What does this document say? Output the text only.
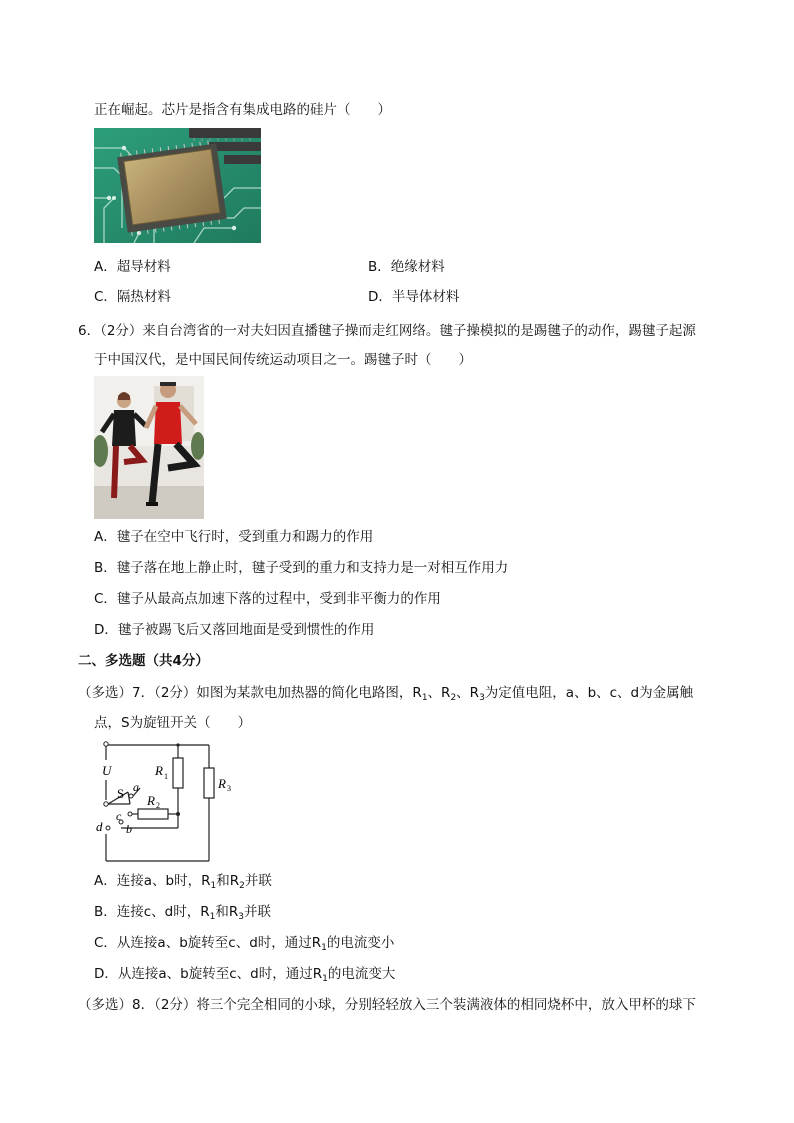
正在崛起。芯片是指含有集成电路的硅片（　　）
A．超导材料	B．绝缘材料
C．隔热材料	D．半导体材料
6．（2分）来自台湾省的一对夫妇因直播毽子操而走红网络。毽子操模拟的是踢毽子的动作，踢毽子起源
于中国汉代，是中国民间传统运动项目之一。踢毽子时（　　）
A．毽子在空中飞行时，受到重力和踢力的作用
B．毽子落在地上静止时，毽子受到的重力和支持力是一对相互作用力
C．毽子从最高点加速下落的过程中，受到非平衡力的作用
D．毽子被踢飞后又落回地面是受到惯性的作用
二、多选题（共4分）
（多选）7．（2分）如图为某款电加热器的简化电路图，$R_1$、$R_2$、$R_3$为定值电阻，a、b、c、d为金属触
点，S为旋钮开关（　　）
U
S a
b
c
d
R 1
R 2
R 3
A．连接a、b时，$R_1$和$R_2$并联
B．连接c、d时，$R_1$和$R_3$并联
C．从连接a、b旋转至c、d时，通过$R_1$的电流变小
D．从连接a、b旋转至c、d时，通过$R_1$的电流变大
（多选）8．（2分）将三个完全相同的小球，分别轻轻放入三个装满液体的相同烧杯中，放入甲杯的球下
